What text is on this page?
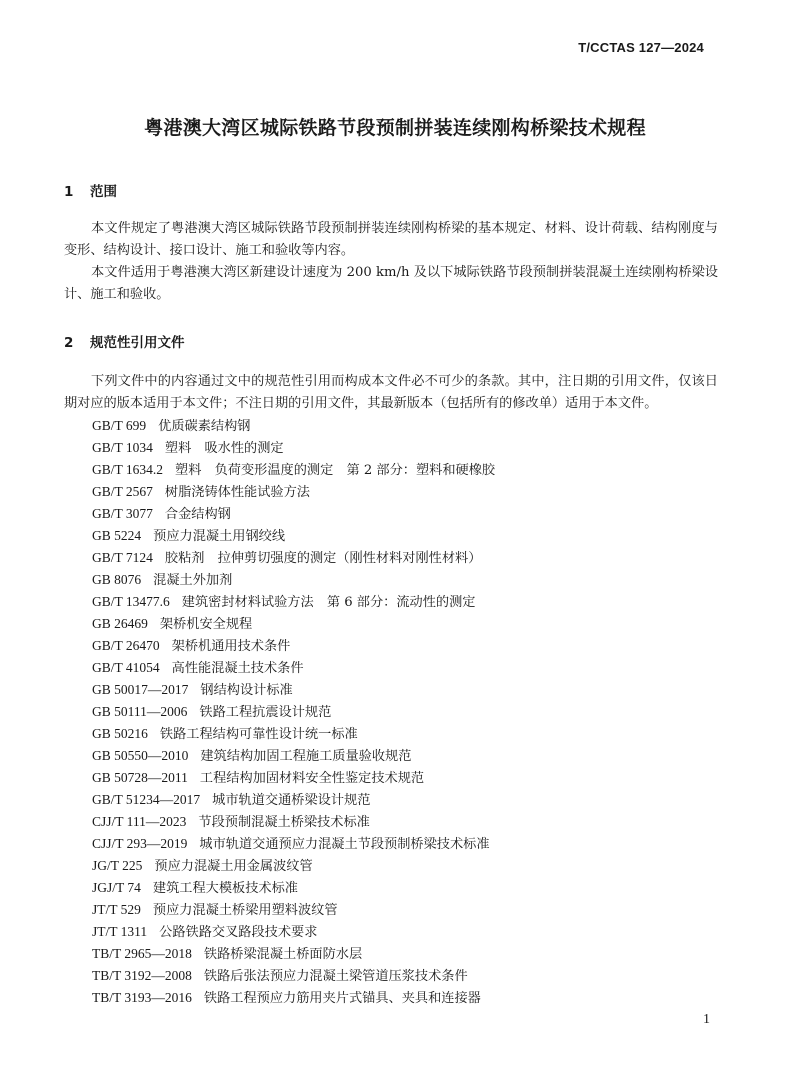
T/CCTAS 127—2024
粤港澳大湾区城际铁路节段预制拼装连续刚构桥梁技术规程
1 范围

本文件规定了粤港澳大湾区城际铁路节段预制拼装连续刚构桥梁的基本规定、材料、设计荷载、结构刚度与变形、结构设计、接口设计、施工和验收等内容。

本文件适用于粤港澳大湾区新建设计速度为 200 km/h 及以下城际铁路节段预制拼装混凝土连续刚构桥梁设计、施工和验收。

2 规范性引用文件

下列文件中的内容通过文中的规范性引用而构成本文件必不可少的条款。其中，注日期的引用文件，仅该日期对应的版本适用于本文件；不注日期的引用文件，其最新版本（包括所有的修改单）适用于本文件。

GB/T 699 优质碳素结构钢
GB/T 1034 塑料　吸水性的测定
GB/T 1634.2 塑料　负荷变形温度的测定　第 2 部分：塑料和硬橡胶
GB/T 2567 树脂浇铸体性能试验方法
GB/T 3077 合金结构钢
GB 5224 预应力混凝土用钢绞线
GB/T 7124 胶粘剂　拉伸剪切强度的测定（刚性材料对刚性材料）
GB 8076 混凝土外加剂
GB/T 13477.6 建筑密封材料试验方法　第 6 部分：流动性的测定
GB 26469 架桥机安全规程
GB/T 26470 架桥机通用技术条件
GB/T 41054 高性能混凝土技术条件
GB 50017—2017 钢结构设计标准
GB 50111—2006 铁路工程抗震设计规范
GB 50216 铁路工程结构可靠性设计统一标准
GB 50550—2010 建筑结构加固工程施工质量验收规范
GB 50728—2011 工程结构加固材料安全性鉴定技术规范
GB/T 51234—2017 城市轨道交通桥梁设计规范
CJJ/T 111—2023 节段预制混凝土桥梁技术标准
CJJ/T 293—2019 城市轨道交通预应力混凝土节段预制桥梁技术标准
JG/T 225 预应力混凝土用金属波纹管
JGJ/T 74 建筑工程大模板技术标准
JT/T 529 预应力混凝土桥梁用塑料波纹管
JT/T 1311 公路铁路交叉路段技术要求
TB/T 2965—2018 铁路桥梁混凝土桥面防水层
TB/T 3192—2008 铁路后张法预应力混凝土梁管道压浆技术条件
TB/T 3193—2016 铁路工程预应力筋用夹片式锚具、夹具和连接器
1
